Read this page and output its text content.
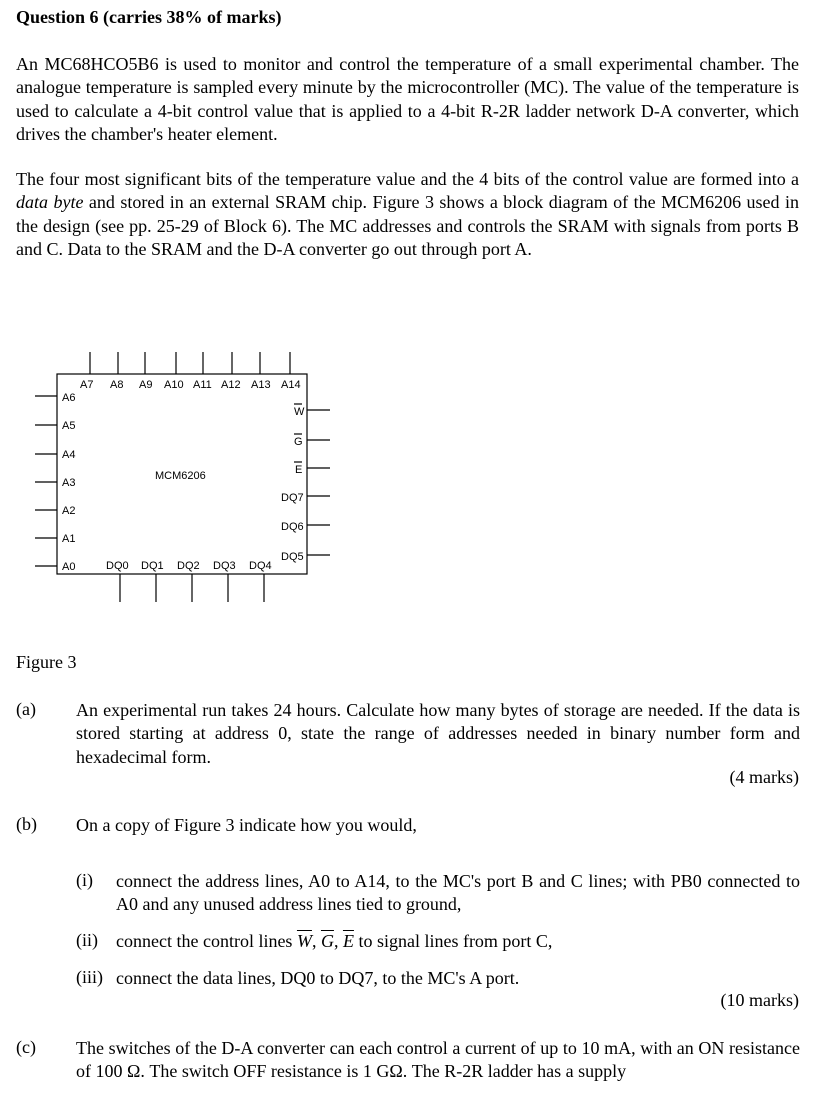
Question 6 (carries 38% of marks)

An MC68HCO5B6 is used to monitor and control the temperature of a small experimental chamber. The analogue temperature is sampled every minute by the microcontroller (MC). The value of the temperature is used to calculate a 4-bit control value that is applied to a 4-bit R-2R ladder network D-A converter, which drives the chamber's heater element.

The four most significant bits of the temperature value and the 4 bits of the control value are formed into a data byte and stored in an external SRAM chip. Figure 3 shows a block diagram of the MCM6206 used in the design (see pp. 25-29 of Block 6). The MC addresses and controls the SRAM with signals from ports B and C. Data to the SRAM and the D-A converter go out through port A.

A7 A8 A9 A10 A11 A12 A13 A14
A6
A5
A4
A3
A2
A1
A0	DQ0 DQ1 DQ2 DQ3 DQ4
W
G
E
DQ7
DQ6
DQ5
MCM6206
Figure 3
(a) An experimental run takes 24 hours. Calculate how many bytes of storage are needed. If the data is stored starting at address 0, state the range of addresses needed in binary number form and hexadecimal form.

(4 marks)
(b) On a copy of Figure 3 indicate how you would,
(i) connect the address lines, A0 to A14, to the MC's port B and C lines; with PB0 connected to A0 and any unused address lines tied to ground,

(ii) connect the control lines $\overline{W}$, $\overline{G}$, $\overline{E}$ to signal lines from port C,
(iii) connect the data lines, DQ0 to DQ7, to the MC's A port.
(10 marks)
(c) The switches of the D-A converter can each control a current of up to 10 mA, with an ON resistance of 100 Ω. The switch OFF resistance is 1 GΩ. The R-2R ladder has a supply
